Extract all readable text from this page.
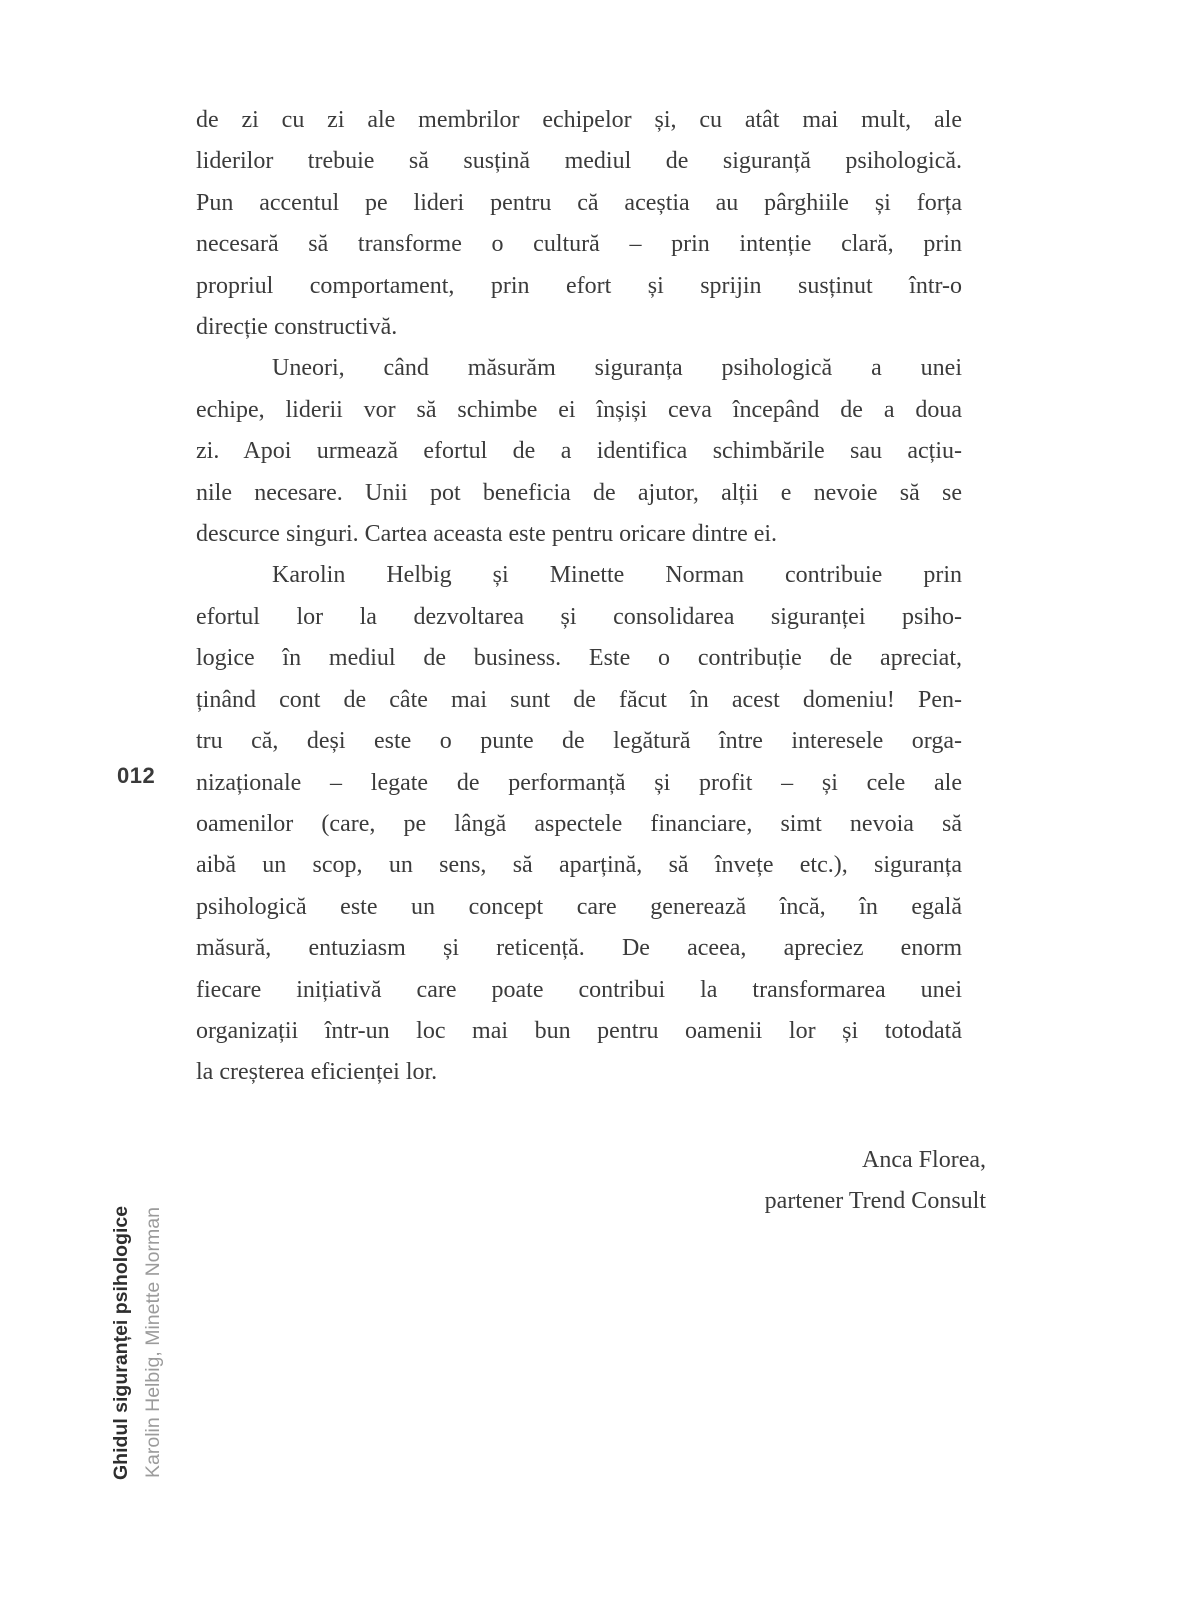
012
Ghidul siguranței psihologice Karolin Helbig, Minette Norman
de zi cu zi ale membrilor echipelor și, cu atât mai mult, ale
liderilor trebuie să susțină mediul de siguranță psihologică.
Pun accentul pe lideri pentru că aceștia au pârghiile și forța
necesară să transforme o cultură – prin intenție clară, prin
propriul comportament, prin efort și sprijin susținut într-o
direcție constructivă.
Uneori, când măsurăm siguranța psihologică a unei
echipe, liderii vor să schimbe ei înșiși ceva începând de a doua
zi. Apoi urmează efortul de a identifica schimbările sau acțiu-
nile necesare. Unii pot beneficia de ajutor, alții e nevoie să se
descurce singuri. Cartea aceasta este pentru oricare dintre ei.
Karolin Helbig și Minette Norman contribuie prin
efortul lor la dezvoltarea și consolidarea siguranței psiho-
logice în mediul de business. Este o contribuție de apreciat,
ținând cont de câte mai sunt de făcut în acest domeniu! Pen-
tru că, deși este o punte de legătură între interesele orga-
nizaționale – legate de performanță și profit – și cele ale
oamenilor (care, pe lângă aspectele financiare, simt nevoia să
aibă un scop, un sens, să aparțină, să învețe etc.), siguranța
psihologică este un concept care generează încă, în egală
măsură, entuziasm și reticență. De aceea, apreciez enorm
fiecare inițiativă care poate contribui la transformarea unei
organizații într-un loc mai bun pentru oamenii lor și totodată
la creșterea eficienței lor.
Anca Florea,
partener Trend Consult
